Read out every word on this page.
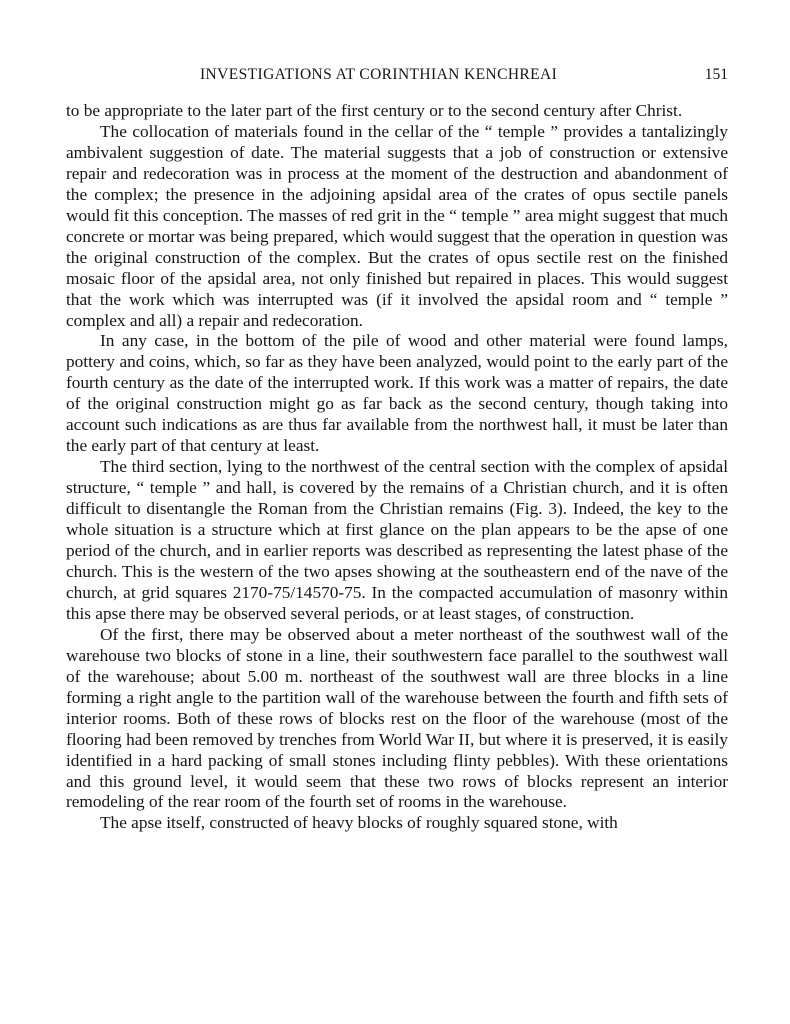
INVESTIGATIONS AT CORINTHIAN KENCHREAI	151

to be appropriate to the later part of the first century or to the second century after Christ.

The collocation of materials found in the cellar of the “ temple ” provides a tantalizingly ambivalent suggestion of date. The material suggests that a job of construction or extensive repair and redecoration was in process at the moment of the destruction and abandonment of the complex; the presence in the adjoining apsidal area of the crates of opus sectile panels would fit this conception. The masses of red grit in the “ temple ” area might suggest that much concrete or mortar was being prepared, which would suggest that the operation in question was the original construction of the complex. But the crates of opus sectile rest on the finished mosaic floor of the apsidal area, not only finished but repaired in places. This would suggest that the work which was interrupted was (if it involved the apsidal room and “ temple ” complex and all) a repair and redecoration.

In any case, in the bottom of the pile of wood and other material were found lamps, pottery and coins, which, so far as they have been analyzed, would point to the early part of the fourth century as the date of the interrupted work. If this work was a matter of repairs, the date of the original construction might go as far back as the second century, though taking into account such indications as are thus far available from the northwest hall, it must be later than the early part of that century at least.

The third section, lying to the northwest of the central section with the complex of apsidal structure, “ temple ” and hall, is covered by the remains of a Christian church, and it is often difficult to disentangle the Roman from the Christian remains (Fig. 3). Indeed, the key to the whole situation is a structure which at first glance on the plan appears to be the apse of one period of the church, and in earlier reports was described as representing the latest phase of the church. This is the western of the two apses showing at the southeastern end of the nave of the church, at grid squares 2170-75/14570-75. In the compacted accumulation of masonry within this apse there may be observed several periods, or at least stages, of construction.

Of the first, there may be observed about a meter northeast of the southwest wall of the warehouse two blocks of stone in a line, their southwestern face parallel to the southwest wall of the warehouse; about 5.00 m. northeast of the southwest wall are three blocks in a line forming a right angle to the partition wall of the warehouse between the fourth and fifth sets of interior rooms. Both of these rows of blocks rest on the floor of the warehouse (most of the flooring had been removed by trenches from World War II, but where it is preserved, it is easily identified in a hard packing of small stones including flinty pebbles). With these orientations and this ground level, it would seem that these two rows of blocks represent an interior remodeling of the rear room of the fourth set of rooms in the warehouse.

The apse itself, constructed of heavy blocks of roughly squared stone, with
